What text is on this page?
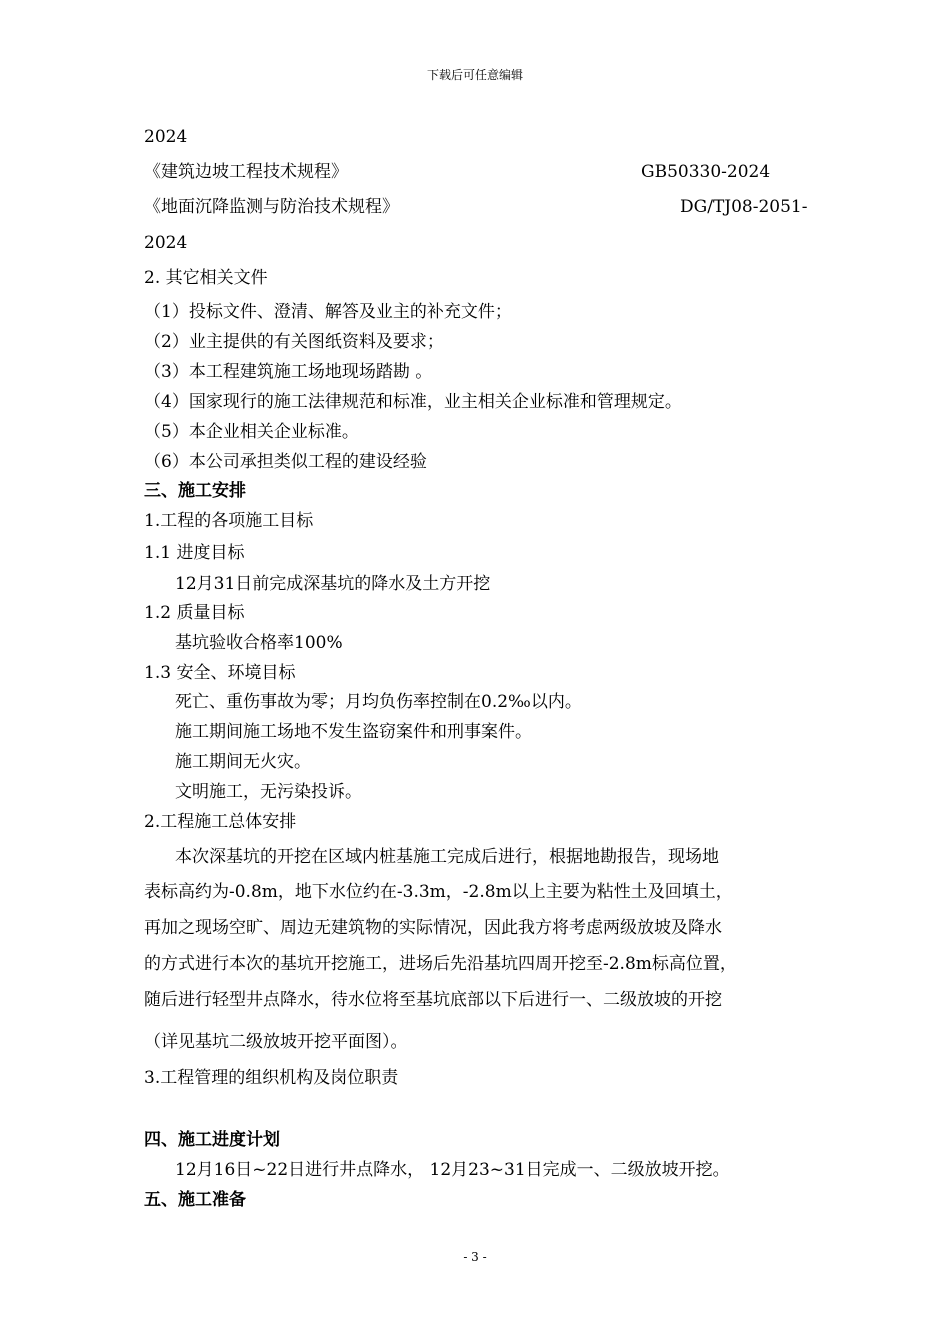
下载后可任意编辑
2024
《建筑边坡工程技术规程》	GB50330-2024
《地面沉降监测与防治技术规程》	DG/TJ08-2051-
2024
2. 其它相关文件
（1）投标文件、澄清、解答及业主的补充文件；
（2）业主提供的有关图纸资料及要求；
（3）本工程建筑施工场地现场踏勘 。
（4）国家现行的施工法律规范和标准，业主相关企业标准和管理规定。
（5）本企业相关企业标准。
（6）本公司承担类似工程的建设经验
三、施工安排
1.工程的各项施工目标
1.1 进度目标
12月31日前完成深基坑的降水及土方开挖
1.2 质量目标
基坑验收合格率100%
1.3 安全、环境目标
死亡、重伤事故为零；月均负伤率控制在0.2‰以内。
施工期间施工场地不发生盗窃案件和刑事案件。
施工期间无火灾。
文明施工，无污染投诉。
2.工程施工总体安排
本次深基坑的开挖在区域内桩基施工完成后进行，根据地勘报告，现场地
表标高约为-0.8m，地下水位约在-3.3m，-2.8m以上主要为粘性土及回填土，
再加之现场空旷、周边无建筑物的实际情况，因此我方将考虑两级放坡及降水
的方式进行本次的基坑开挖施工，进场后先沿基坑四周开挖至-2.8m标高位置，
随后进行轻型井点降水，待水位将至基坑底部以下后进行一、二级放坡的开挖
（详见基坑二级放坡开挖平面图）。
3.工程管理的组织机构及岗位职责
四、施工进度计划
12月16日~22日进行井点降水， 12月23~31日完成一、二级放坡开挖。
五、施工准备
- 3 -
